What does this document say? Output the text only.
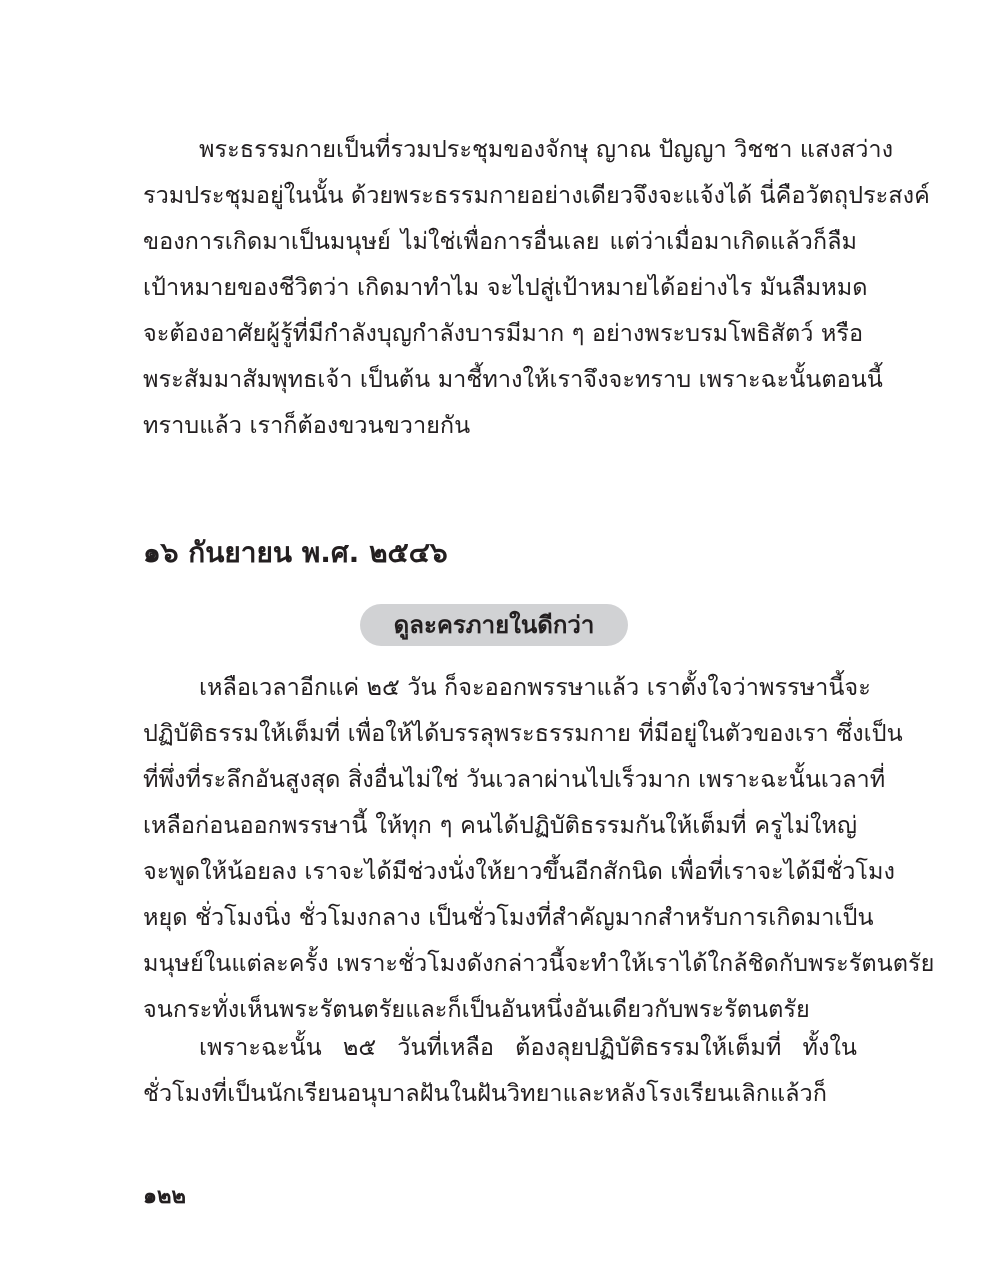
พระธรรมกายเป็นที่รวมประชุมของจักษุ ญาณ ปัญญา วิชชา แสงสว่าง
รวมประชุมอยู่ในนั้น ด้วยพระธรรมกายอย่างเดียวจึงจะแจ้งได้ นี่คือวัตถุประสงค์
ของการเกิดมาเป็นมนุษย์ ไม่ใช่เพื่อการอื่นเลย แต่ว่าเมื่อมาเกิดแล้วก็ลืม
เป้าหมายของชีวิตว่า เกิดมาทำไม จะไปสู่เป้าหมายได้อย่างไร มันลืมหมด
จะต้องอาศัยผู้รู้ที่มีกำลังบุญกำลังบารมีมาก ๆ อย่างพระบรมโพธิสัตว์ หรือ
พระสัมมาสัมพุทธเจ้า เป็นต้น มาชี้ทางให้เราจึงจะทราบ เพราะฉะนั้นตอนนี้
ทราบแล้ว เราก็ต้องขวนขวายกัน
๑๖ กันยายน พ.ศ. ๒๕๔๖
ดูละครภายในดีกว่า
เหลือเวลาอีกแค่ ๒๕ วัน ก็จะออกพรรษาแล้ว เราตั้งใจว่าพรรษานี้จะ
ปฏิบัติธรรมให้เต็มที่ เพื่อให้ได้บรรลุพระธรรมกาย ที่มีอยู่ในตัวของเรา ซึ่งเป็น
ที่พึ่งที่ระลึกอันสูงสุด สิ่งอื่นไม่ใช่ วันเวลาผ่านไปเร็วมาก เพราะฉะนั้นเวลาที่
เหลือก่อนออกพรรษานี้ ให้ทุก ๆ คนได้ปฏิบัติธรรมกันให้เต็มที่ ครูไม่ใหญ่
จะพูดให้น้อยลง เราจะได้มีช่วงนั่งให้ยาวขึ้นอีกสักนิด เพื่อที่เราจะได้มีชั่วโมง
หยุด ชั่วโมงนิ่ง ชั่วโมงกลาง เป็นชั่วโมงที่สำคัญมากสำหรับการเกิดมาเป็น
มนุษย์ในแต่ละครั้ง เพราะชั่วโมงดังกล่าวนี้จะทำให้เราได้ใกล้ชิดกับพระรัตนตรัย
จนกระทั่งเห็นพระรัตนตรัยและก็เป็นอันหนึ่งอันเดียวกับพระรัตนตรัย
เพราะฉะนั้น ๒๕ วันที่เหลือ ต้องลุยปฏิบัติธรรมให้เต็มที่ ทั้งใน
ชั่วโมงที่เป็นนักเรียนอนุบาลฝันในฝันวิทยาและหลังโรงเรียนเลิกแล้วก็
๑๒๒
